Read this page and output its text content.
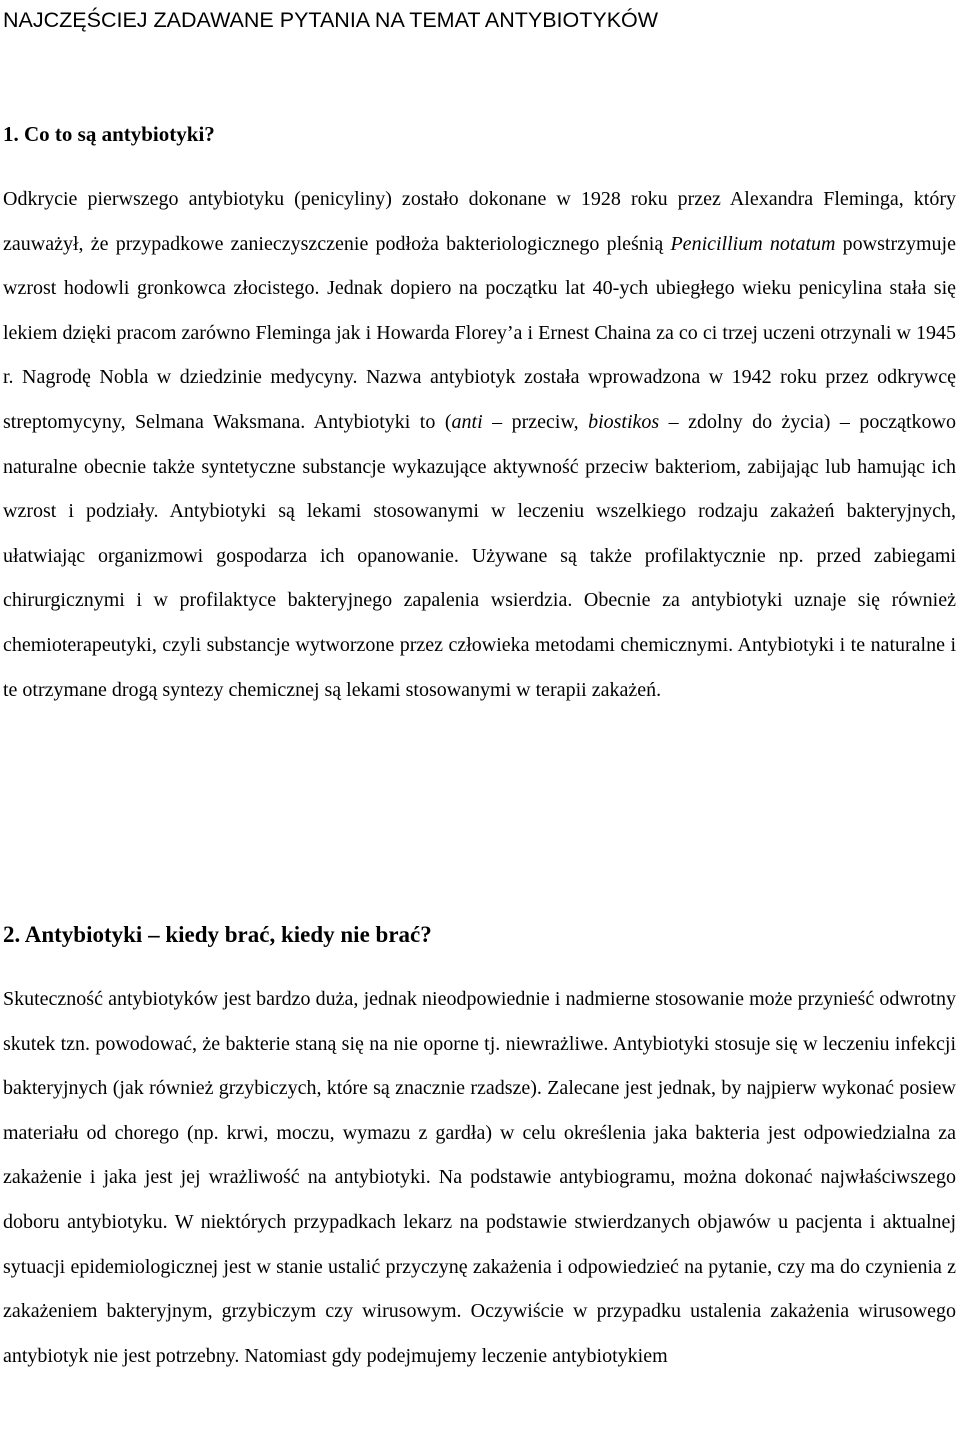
NAJCZĘŚCIEJ ZADAWANE PYTANIA NA TEMAT ANTYBIOTYKÓW
1. Co to są antybiotyki?

Odkrycie pierwszego antybiotyku (penicyliny) zostało dokonane w 1928 roku przez Alexandra Fleminga, który zauważył, że przypadkowe zanieczyszczenie podłoża bakteriologicznego pleśnią Penicillium notatum powstrzymuje wzrost hodowli gronkowca złocistego. Jednak dopiero na początku lat 40-ych ubiegłego wieku penicylina stała się lekiem dzięki pracom zarówno Fleminga jak i Howarda Florey’a i Ernest Chaina za co ci trzej uczeni otrzynali w 1945 r. Nagrodę Nobla w dziedzinie medycyny. Nazwa antybiotyk została wprowadzona w 1942 roku przez odkrywcę streptomycyny, Selmana Waksmana. Antybiotyki to (anti – przeciw, biostikos – zdolny do życia) – początkowo naturalne obecnie także syntetyczne substancje wykazujące aktywność przeciw bakteriom, zabijając lub hamując ich wzrost i podziały. Antybiotyki są lekami stosowanymi w leczeniu wszelkiego rodzaju zakażeń bakteryjnych, ułatwiając organizmowi gospodarza ich opanowanie. Używane są także profilaktycznie np. przed zabiegami chirurgicznymi i w profilaktyce bakteryjnego zapalenia wsierdzia. Obecnie za antybiotyki uznaje się również chemioterapeutyki, czyli substancje wytworzone przez człowieka metodami chemicznymi. Antybiotyki i te naturalne i te otrzymane drogą syntezy chemicznej są lekami stosowanymi w terapii zakażeń.

2. Antybiotyki – kiedy brać, kiedy nie brać?

Skuteczność antybiotyków jest bardzo duża, jednak nieodpowiednie i nadmierne stosowanie może przynieść odwrotny skutek tzn. powodować, że bakterie staną się na nie oporne tj. niewrażliwe. Antybiotyki stosuje się w leczeniu infekcji bakteryjnych (jak również grzybiczych, które są znacznie rzadsze). Zalecane jest jednak, by najpierw wykonać posiew materiału od chorego (np. krwi, moczu, wymazu z gardła) w celu określenia jaka bakteria jest odpowiedzialna za zakażenie i jaka jest jej wrażliwość na antybiotyki. Na podstawie antybiogramu, można dokonać najwłaściwszego doboru antybiotyku. W niektórych przypadkach lekarz na podstawie stwierdzanych objawów u pacjenta i aktualnej sytuacji epidemiologicznej jest w stanie ustalić przyczynę zakażenia i odpowiedzieć na pytanie, czy ma do czynienia z zakażeniem bakteryjnym, grzybiczym czy wirusowym. Oczywiście w przypadku ustalenia zakażenia wirusowego antybiotyk nie jest potrzebny. Natomiast gdy podejmujemy leczenie antybiotykiem
